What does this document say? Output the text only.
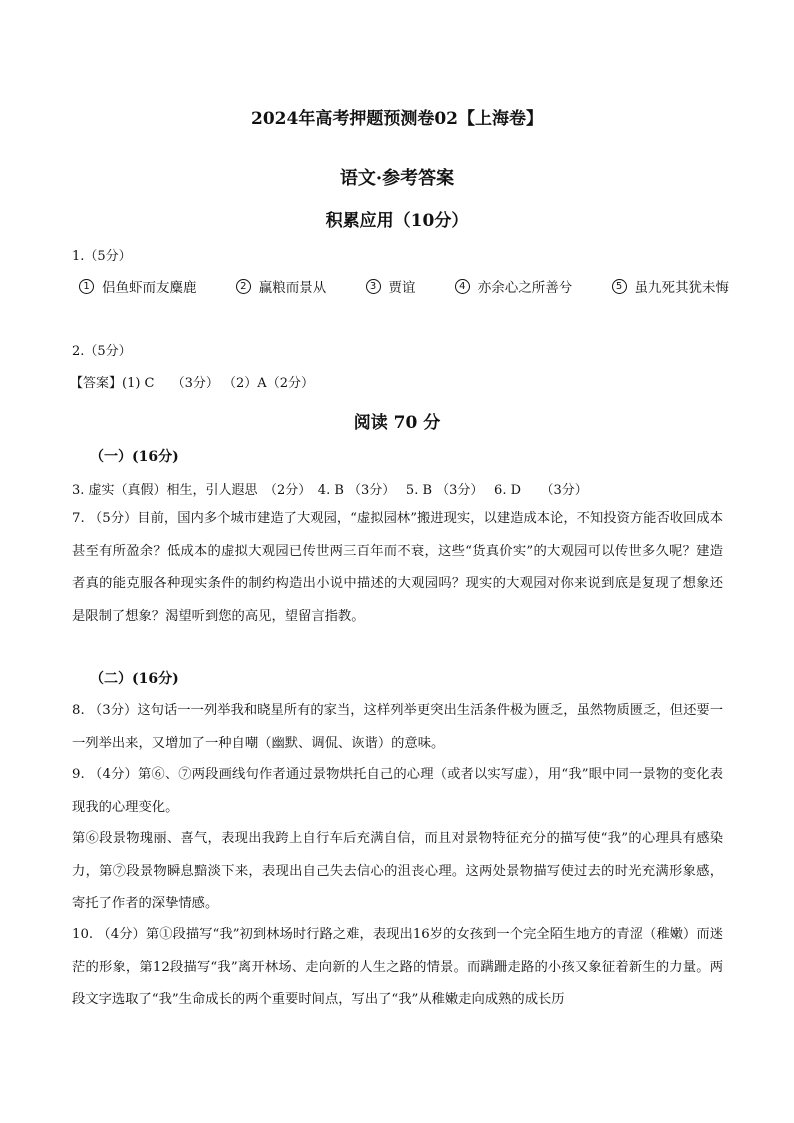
2024年高考押题预测卷02【上海卷】
语文·参考答案
积累应用（10分）
1.（5分）
1 侣鱼虾而友麋鹿	2 赢粮而景从	3 贾谊	4 亦余心之所善兮	5 虽九死其犹未悔
2.（5分）
【答案】(1) C　 （3分） （2）A（2分）
阅读 70 分
（一）(16分)
3. 虚实（真假）相生，引人遐思　（2分）　4. B （3分）　 5. B （3分）　 6. D　　（3分）
7. （5分）目前，国内多个城市建造了大观园，“虚拟园林”搬进现实，以建造成本论，不知投资方能否收回成本甚至有所盈余？低成本的虚拟大观园已传世两三百年而不衰，这些“货真价实”的大观园可以传世多久呢？建造者真的能克服各种现实条件的制约构造出小说中描述的大观园吗？现实的大观园对你来说到底是复现了想象还是限制了想象？渴望听到您的高见，望留言指教。
（二）(16分)
8. （3分）这句话一一列举我和晓星所有的家当，这样列举更突出生活条件极为匮乏，虽然物质匮乏，但还要一一列举出来，又增加了一种自嘲（幽默、调侃、诙谐）的意味。
9. （4分）第⑥、⑦两段画线句作者通过景物烘托自己的心理（或者以实写虚），用“我”眼中同一景物的变化表现我的心理变化。
第⑥段景物瑰丽、喜气，表现出我跨上自行车后充满自信，而且对景物特征充分的描写使“我”的心理具有感染力，第⑦段景物瞬息黯淡下来，表现出自己失去信心的沮丧心理。这两处景物描写使过去的时光充满形象感，寄托了作者的深挚情感。
10. （4分）第①段描写“我”初到林场时行路之难，表现出16岁的女孩到一个完全陌生地方的青涩（稚嫩）而迷茫的形象，第12段描写“我”离开林场、走向新的人生之路的情景。而蹒跚走路的小孩又象征着新生的力量。两段文字选取了“我”生命成长的两个重要时间点，写出了“我”从稚嫩走向成熟的成长历
